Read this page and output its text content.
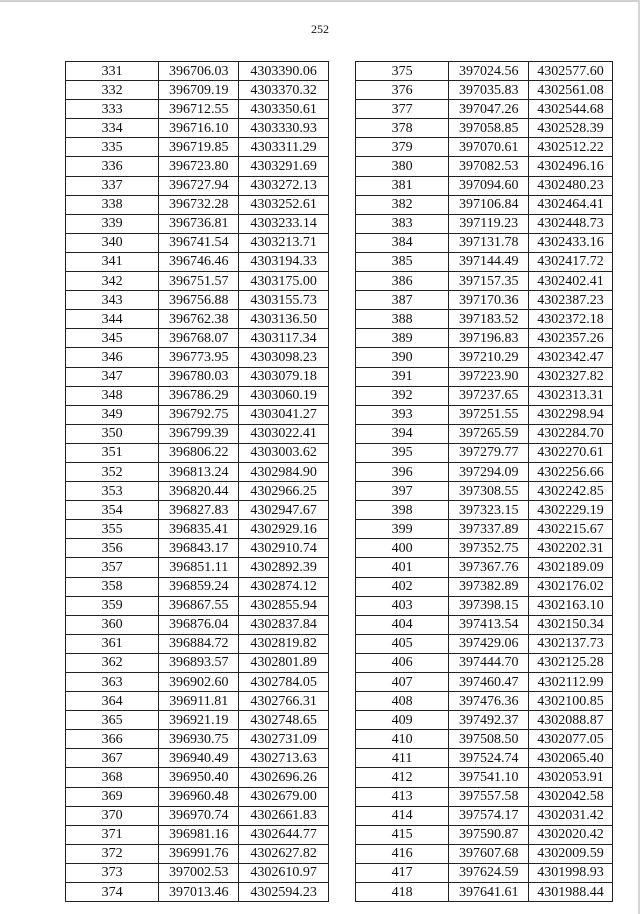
252
331	396706.03	4303390.06
332	396709.19	4303370.32
333	396712.55	4303350.61
334	396716.10	4303330.93
335	396719.85	4303311.29
336	396723.80	4303291.69
337	396727.94	4303272.13
338	396732.28	4303252.61
339	396736.81	4303233.14
340	396741.54	4303213.71
341	396746.46	4303194.33
342	396751.57	4303175.00
343	396756.88	4303155.73
344	396762.38	4303136.50
345	396768.07	4303117.34
346	396773.95	4303098.23
347	396780.03	4303079.18
348	396786.29	4303060.19
349	396792.75	4303041.27
350	396799.39	4303022.41
351	396806.22	4303003.62
352	396813.24	4302984.90
353	396820.44	4302966.25
354	396827.83	4302947.67
355	396835.41	4302929.16
356	396843.17	4302910.74
357	396851.11	4302892.39
358	396859.24	4302874.12
359	396867.55	4302855.94
360	396876.04	4302837.84
361	396884.72	4302819.82
362	396893.57	4302801.89
363	396902.60	4302784.05
364	396911.81	4302766.31
365	396921.19	4302748.65
366	396930.75	4302731.09
367	396940.49	4302713.63
368	396950.40	4302696.26
369	396960.48	4302679.00
370	396970.74	4302661.83
371	396981.16	4302644.77
372	396991.76	4302627.82
373	397002.53	4302610.97
374	397013.46	4302594.23
375	397024.56	4302577.60
376	397035.83	4302561.08
377	397047.26	4302544.68
378	397058.85	4302528.39
379	397070.61	4302512.22
380	397082.53	4302496.16
381	397094.60	4302480.23
382	397106.84	4302464.41
383	397119.23	4302448.73
384	397131.78	4302433.16
385	397144.49	4302417.72
386	397157.35	4302402.41
387	397170.36	4302387.23
388	397183.52	4302372.18
389	397196.83	4302357.26
390	397210.29	4302342.47
391	397223.90	4302327.82
392	397237.65	4302313.31
393	397251.55	4302298.94
394	397265.59	4302284.70
395	397279.77	4302270.61
396	397294.09	4302256.66
397	397308.55	4302242.85
398	397323.15	4302229.19
399	397337.89	4302215.67
400	397352.75	4302202.31
401	397367.76	4302189.09
402	397382.89	4302176.02
403	397398.15	4302163.10
404	397413.54	4302150.34
405	397429.06	4302137.73
406	397444.70	4302125.28
407	397460.47	4302112.99
408	397476.36	4302100.85
409	397492.37	4302088.87
410	397508.50	4302077.05
411	397524.74	4302065.40
412	397541.10	4302053.91
413	397557.58	4302042.58
414	397574.17	4302031.42
415	397590.87	4302020.42
416	397607.68	4302009.59
417	397624.59	4301998.93
418	397641.61	4301988.44
